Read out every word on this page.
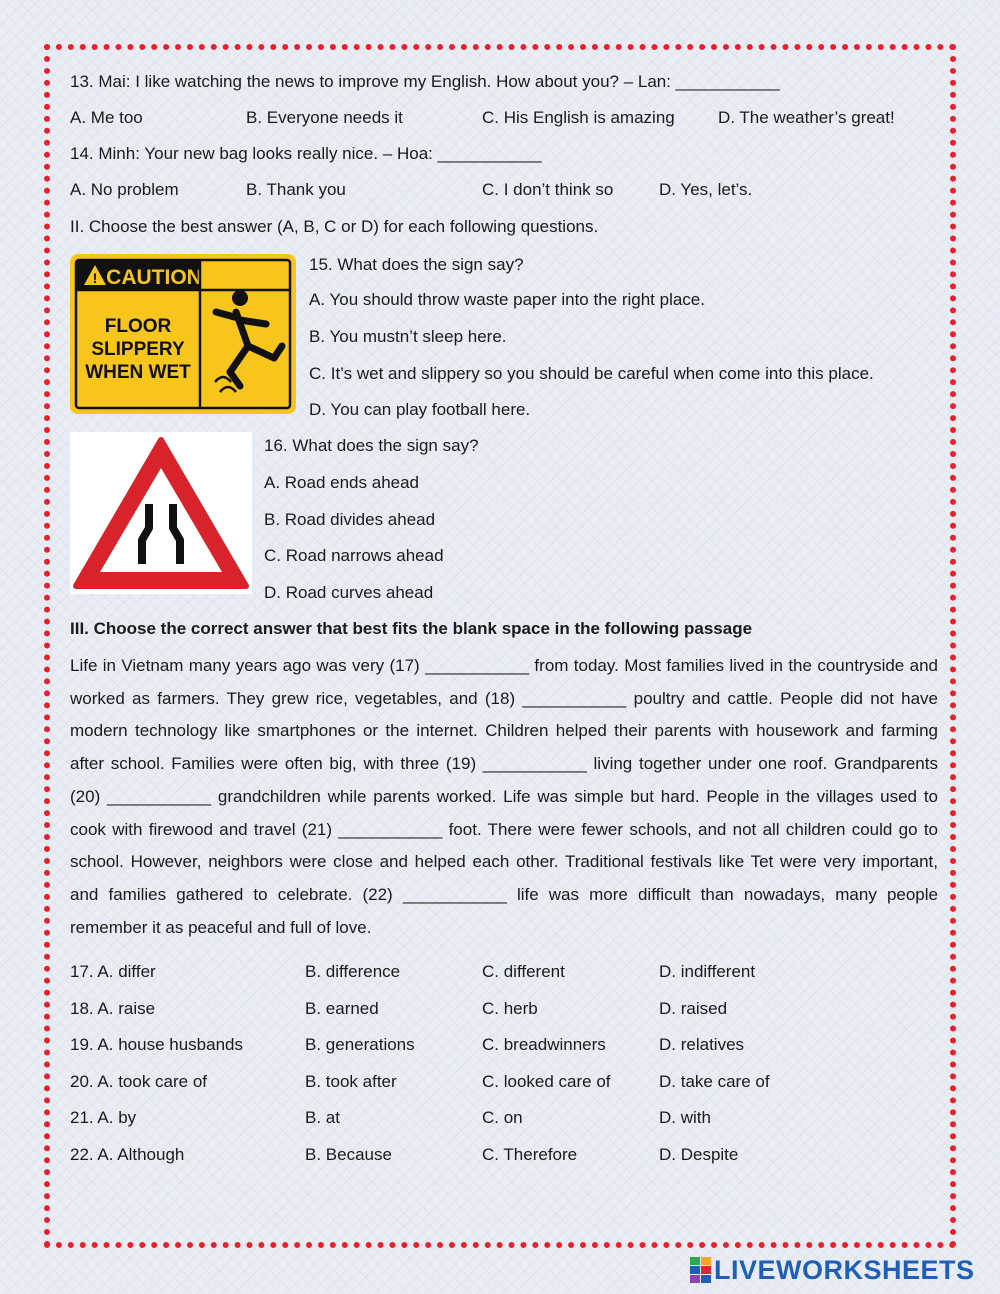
13. Mai: I like watching the news to improve my English. How about you? – Lan: ___________
A. Me too	B. Everyone needs it	C. His English is amazing	D. The weather’s great!
14. Minh: Your new bag looks really nice. – Hoa: ___________
A. No problem	B. Thank you	C. I don’t think so	D. Yes, let’s.
II. Choose the best answer (A, B, C or D) for each following questions.
! CAUTION
FLOOR
SLIPPERY
WHEN WET
15. What does the sign say?
A. You should throw waste paper into the right place.
B. You mustn’t sleep here.
C. It’s wet and slippery so you should be careful when come into this place.
D. You can play football here.
16. What does the sign say?
A. Road ends ahead
B. Road divides ahead
C. Road narrows ahead
D. Road curves ahead
III. Choose the correct answer that best fits the blank space in the following passage
Life in Vietnam many years ago was very (17) ___________ from today. Most families lived in the countryside and worked as farmers. They grew rice, vegetables, and (18) ___________ poultry and cattle. People did not have modern technology like smartphones or the internet. Children helped their parents with housework and farming after school. Families were often big, with three (19) ___________ living together under one roof. Grandparents (20) ___________ grandchildren while parents worked. Life was simple but hard. People in the villages used to cook with firewood and travel (21) ___________ foot. There were fewer schools, and not all children could go to school. However, neighbors were close and helped each other. Traditional festivals like Tet were very important, and families gathered to celebrate. (22) ___________ life was more difficult than nowadays, many people remember it as peaceful and full of love.
17. A. differ	B. difference	C. different	D. indifferent
18. A. raise	B. earned	C. herb	D. raised
19. A. house husbands	B. generations	C. breadwinners	D. relatives
20. A. took care of	B. took after	C. looked care of	D. take care of
21. A. by	B. at	C. on	D. with
22. A. Although	B. Because	C. Therefore	D. Despite
LIVEWORKSHEETS
